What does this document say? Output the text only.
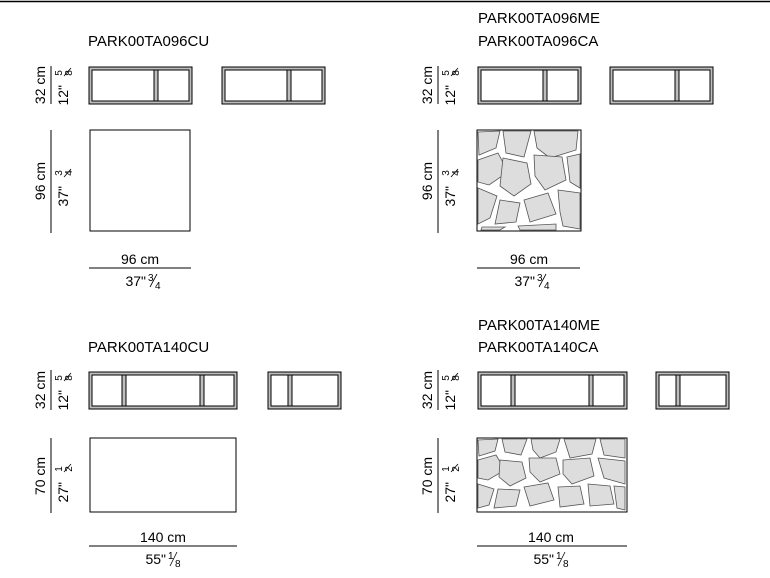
PARK00TA096CU
32 cm 12"
5 8
96 cm 37"
3 4
96 cm
37" 3
4
PARK00TA096ME
PARK00TA096CA
32 cm 12"
5 8
96 cm 37"
3 4
96 cm
37" 3
4
PARK00TA140CU
32 cm 12"
5 8
70 cm 27"
1 2
140 cm
55" 1
8
PARK00TA140ME
PARK00TA140CA
32 cm 12"
5 8
70 cm 27"
1 2
140 cm
55" 1
8
